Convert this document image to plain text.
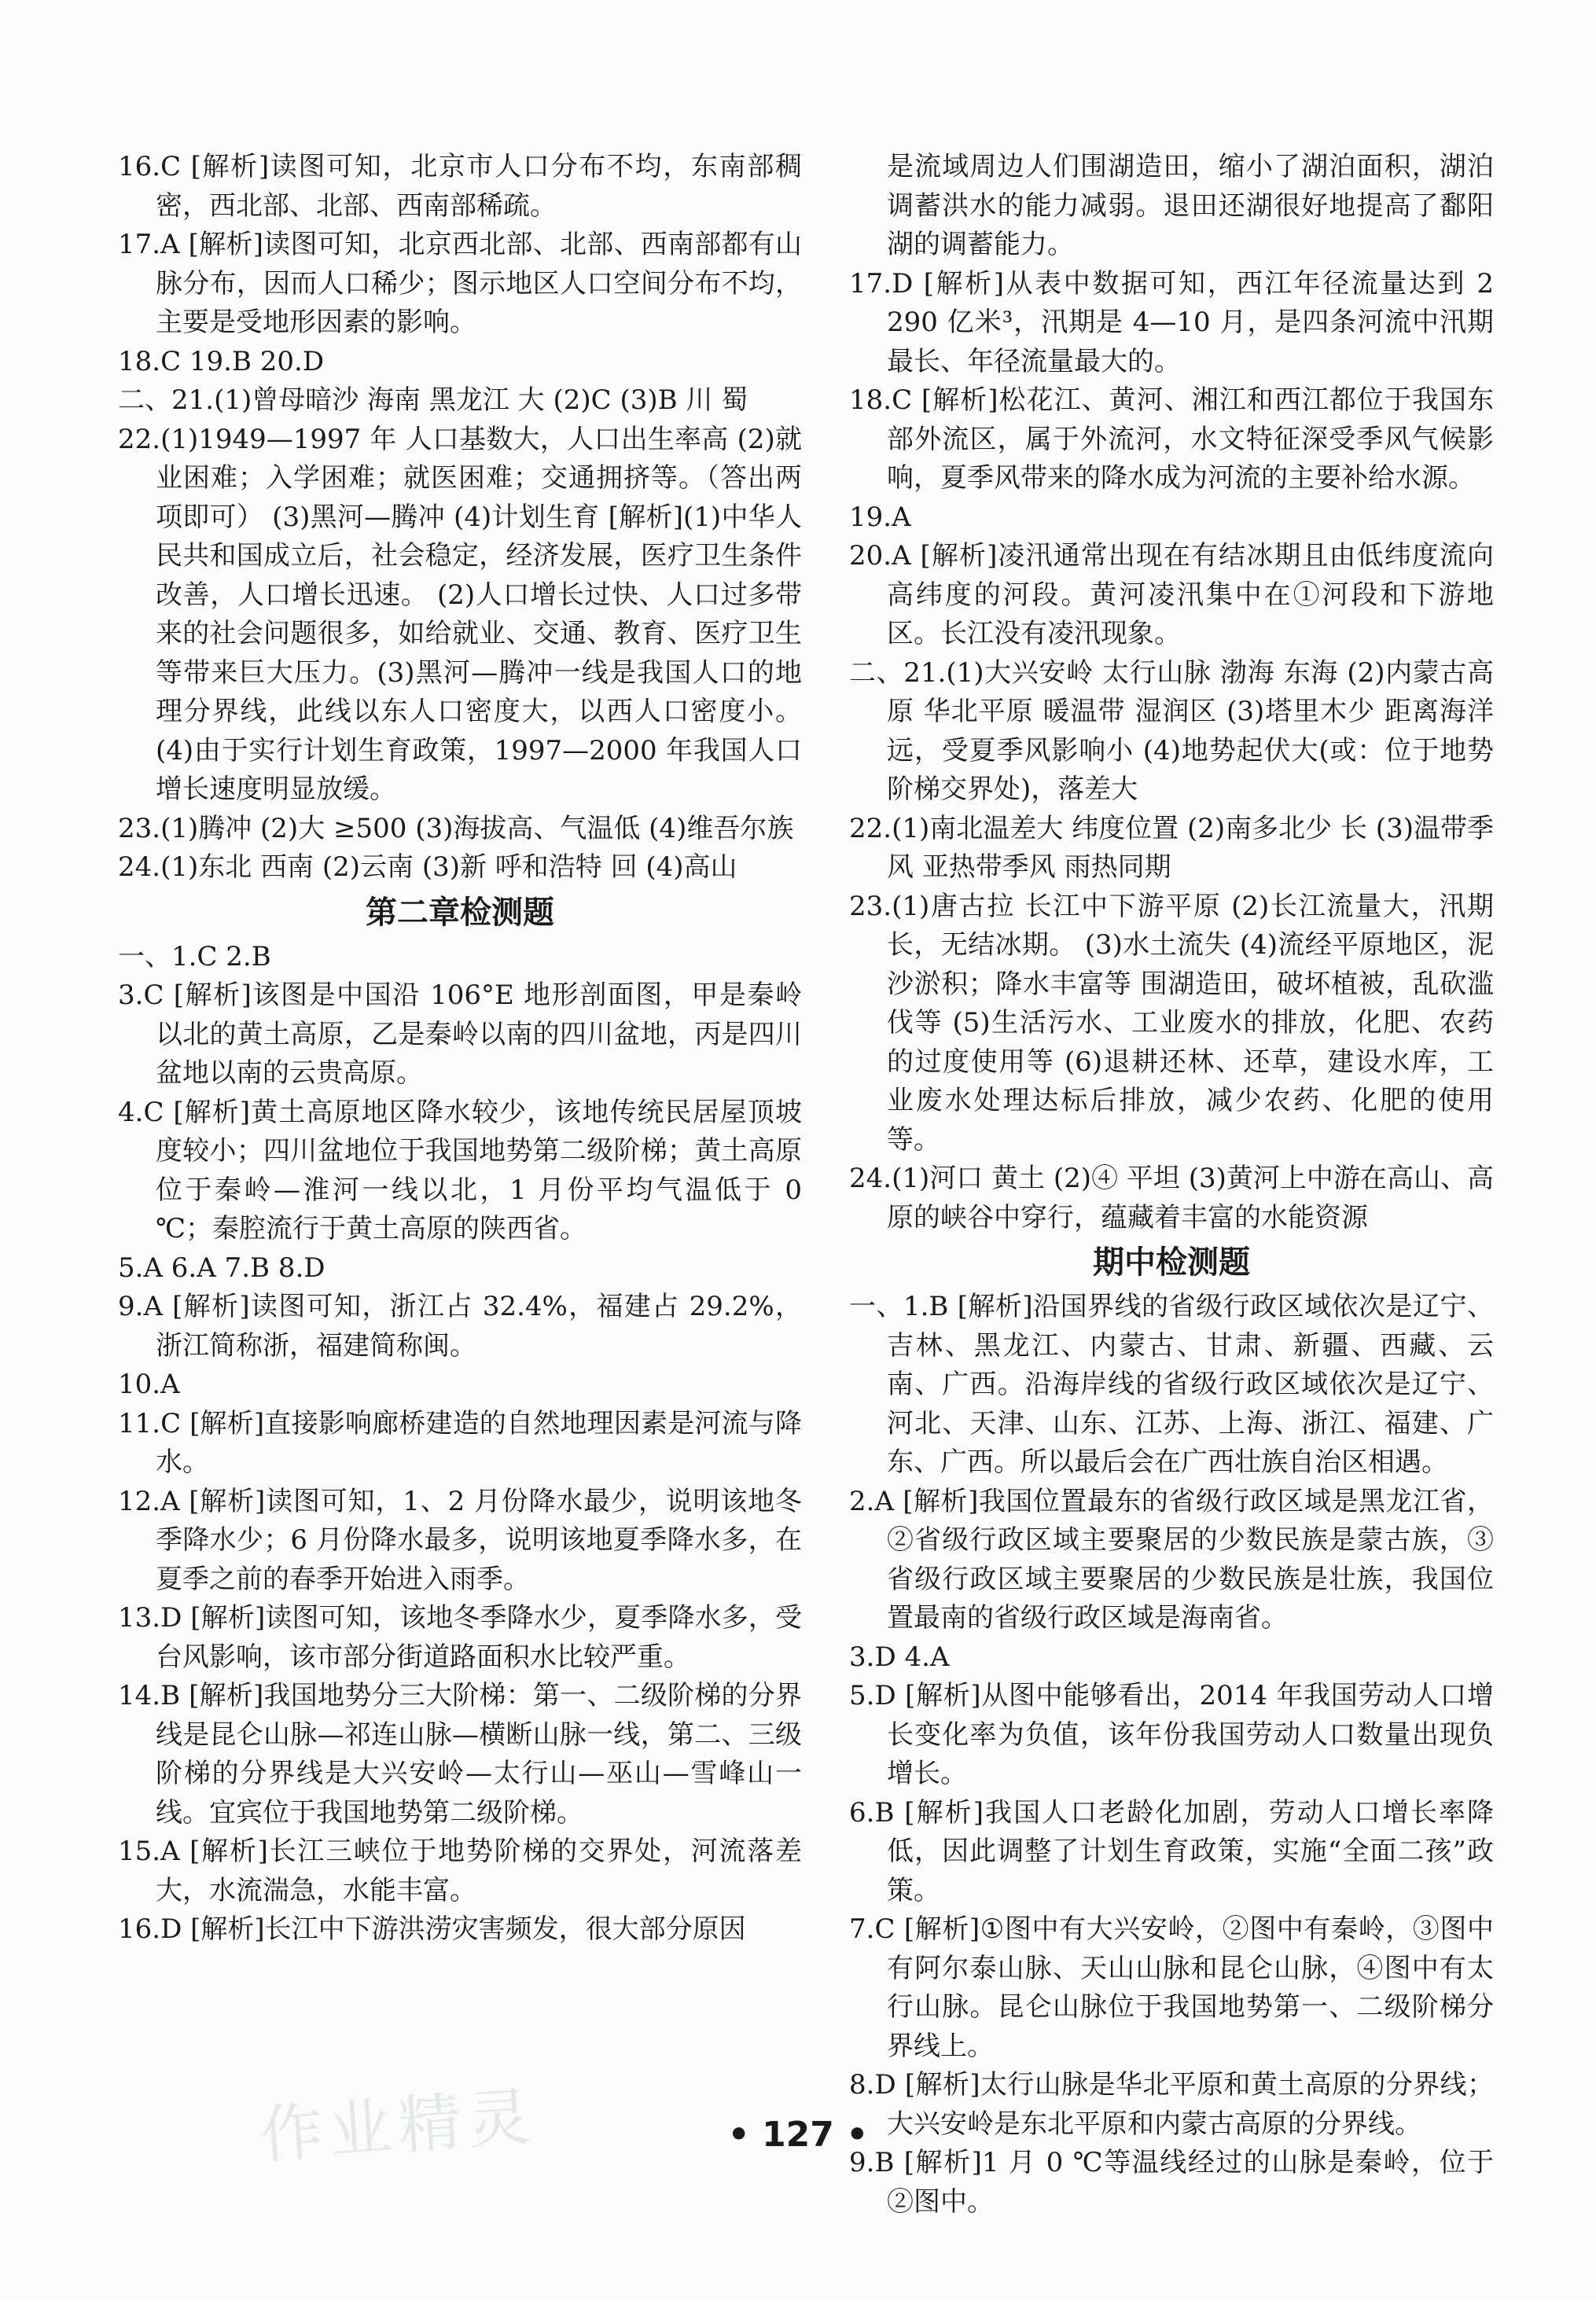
16.C [解析]读图可知，北京市人口分布不均，东南部稠密，西北部、北部、西南部稀疏。

17.A [解析]读图可知，北京西北部、北部、西南部都有山脉分布，因而人口稀少；图示地区人口空间分布不均，主要是受地形因素的影响。

18.C 19.B 20.D

二、21.(1)曾母暗沙 海南 黑龙江 大 (2)C (3)B 川 蜀

22.(1)1949—1997 年 人口基数大，人口出生率高 (2)就业困难；入学困难；就医困难；交通拥挤等。（答出两项即可） (3)黑河—腾冲 (4)计划生育 [解析](1)中华人民共和国成立后，社会稳定，经济发展，医疗卫生条件改善，人口增长迅速。 (2)人口增长过快、人口过多带来的社会问题很多，如给就业、交通、教育、医疗卫生等带来巨大压力。(3)黑河—腾冲一线是我国人口的地理分界线，此线以东人口密度大，以西人口密度小。(4)由于实行计划生育政策，1997—2000 年我国人口增长速度明显放缓。

23.(1)腾冲 (2)大 ≥500 (3)海拔高、气温低 (4)维吾尔族

24.(1)东北 西南 (2)云南 (3)新 呼和浩特 回 (4)高山

第二章检测题

一、1.C 2.B

3.C [解析]该图是中国沿 106°E 地形剖面图，甲是秦岭以北的黄土高原，乙是秦岭以南的四川盆地，丙是四川盆地以南的云贵高原。

4.C [解析]黄土高原地区降水较少，该地传统民居屋顶坡度较小；四川盆地位于我国地势第二级阶梯；黄土高原位于秦岭—淮河一线以北，1 月份平均气温低于 0 ℃；秦腔流行于黄土高原的陕西省。

5.A 6.A 7.B 8.D

9.A [解析]读图可知，浙江占 32.4%，福建占 29.2%，浙江简称浙，福建简称闽。

10.A

11.C [解析]直接影响廊桥建造的自然地理因素是河流与降水。

12.A [解析]读图可知，1、2 月份降水最少，说明该地冬季降水少；6 月份降水最多，说明该地夏季降水多，在夏季之前的春季开始进入雨季。

13.D [解析]读图可知，该地冬季降水少，夏季降水多，受台风影响，该市部分街道路面积水比较严重。

14.B [解析]我国地势分三大阶梯：第一、二级阶梯的分界线是昆仑山脉—祁连山脉—横断山脉一线，第二、三级阶梯的分界线是大兴安岭—太行山—巫山—雪峰山一线。宜宾位于我国地势第二级阶梯。

15.A [解析]长江三峡位于地势阶梯的交界处，河流落差大，水流湍急，水能丰富。

16.D [解析]长江中下游洪涝灾害频发，很大部分原因

是流域周边人们围湖造田，缩小了湖泊面积，湖泊调蓄洪水的能力减弱。退田还湖很好地提高了鄱阳湖的调蓄能力。

17.D [解析]从表中数据可知，西江年径流量达到 2 290 亿米³，汛期是 4—10 月，是四条河流中汛期最长、年径流量最大的。

18.C [解析]松花江、黄河、湘江和西江都位于我国东部外流区，属于外流河，水文特征深受季风气候影响，夏季风带来的降水成为河流的主要补给水源。

19.A

20.A [解析]凌汛通常出现在有结冰期且由低纬度流向高纬度的河段。黄河凌汛集中在①河段和下游地区。长江没有凌汛现象。

二、21.(1)大兴安岭 太行山脉 渤海 东海 (2)内蒙古高原 华北平原 暖温带 湿润区 (3)塔里木少 距离海洋远，受夏季风影响小 (4)地势起伏大(或：位于地势阶梯交界处)，落差大

22.(1)南北温差大 纬度位置 (2)南多北少 长 (3)温带季风 亚热带季风 雨热同期

23.(1)唐古拉 长江中下游平原 (2)长江流量大，汛期长，无结冰期。 (3)水土流失 (4)流经平原地区，泥沙淤积；降水丰富等 围湖造田，破坏植被，乱砍滥伐等 (5)生活污水、工业废水的排放，化肥、农药的过度使用等 (6)退耕还林、还草，建设水库，工业废水处理达标后排放，减少农药、化肥的使用等。

24.(1)河口 黄土 (2)④ 平坦 (3)黄河上中游在高山、高原的峡谷中穿行，蕴藏着丰富的水能资源

期中检测题

一、1.B [解析]沿国界线的省级行政区域依次是辽宁、吉林、黑龙江、内蒙古、甘肃、新疆、西藏、云南、广西。沿海岸线的省级行政区域依次是辽宁、河北、天津、山东、江苏、上海、浙江、福建、广东、广西。所以最后会在广西壮族自治区相遇。

2.A [解析]我国位置最东的省级行政区域是黑龙江省，②省级行政区域主要聚居的少数民族是蒙古族，③省级行政区域主要聚居的少数民族是壮族，我国位置最南的省级行政区域是海南省。

3.D 4.A

5.D [解析]从图中能够看出，2014 年我国劳动人口增长变化率为负值，该年份我国劳动人口数量出现负增长。

6.B [解析]我国人口老龄化加剧，劳动人口增长率降低，因此调整了计划生育政策，实施“全面二孩”政策。

7.C [解析]①图中有大兴安岭，②图中有秦岭，③图中有阿尔泰山脉、天山山脉和昆仑山脉，④图中有太行山脉。昆仑山脉位于我国地势第一、二级阶梯分界线上。

8.D [解析]太行山脉是华北平原和黄土高原的分界线；大兴安岭是东北平原和内蒙古高原的分界线。

9.B [解析]1 月 0 ℃等温线经过的山脉是秦岭，位于②图中。

作业精灵	• 127 •
